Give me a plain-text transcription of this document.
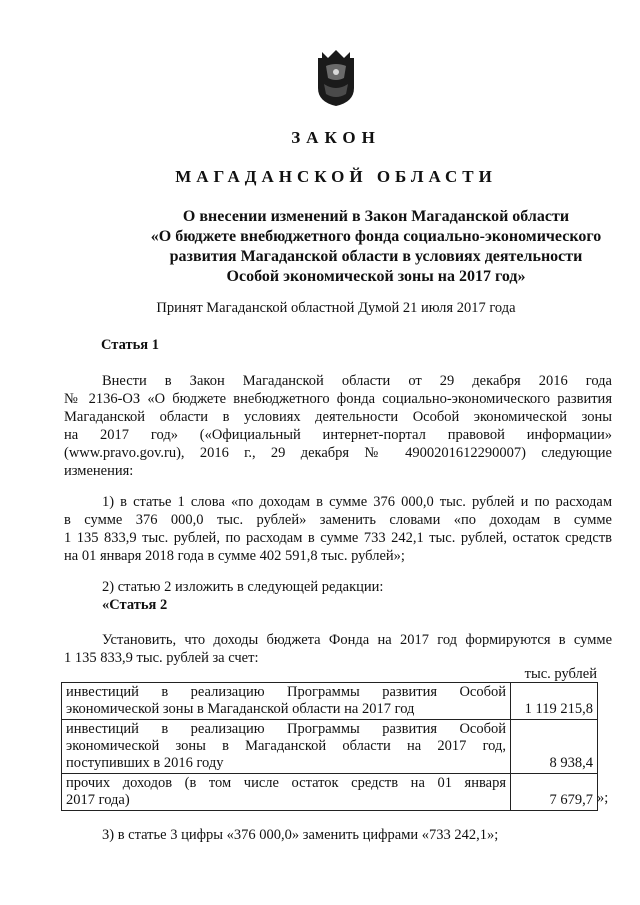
ЗАКОН
МАГАДАНСКОЙ ОБЛАСТИ
О внесении изменений в Закон Магаданской области
«О бюджете внебюджетного фонда социально-экономического
развития Магаданской области в условиях деятельности
Особой экономической зоны на 2017 год»
Принят Магаданской областной Думой 21 июля 2017 года
Статья 1
Внести в Закон Магаданской области от 29 декабря 2016 года
№ 2136-ОЗ «О бюджете внебюджетного фонда социально-экономического развития
Магаданской области в условиях деятельности Особой экономической зоны
на 2017 год» («Официальный интернет-портал правовой информации»
(www.pravo.gov.ru), 2016 г., 29 декабря № 4900201612290007) следующие
изменения:
1) в статье 1 слова «по доходам в сумме 376 000,0 тыс. рублей и по расходам
в сумме 376 000,0 тыс. рублей» заменить словами «по доходам в сумме
1 135 833,9 тыс. рублей, по расходам в сумме 733 242,1 тыс. рублей, остаток средств
на 01 января 2018 года в сумме 402 591,8 тыс. рублей»;
2) статью 2 изложить в следующей редакции:
«Статья 2
Установить, что доходы бюджета Фонда на 2017 год формируются в сумме
1 135 833,9 тыс. рублей за счет:
тыс. рублей
инвестиций в реализацию Программы развития Особой
экономической зоны в Магаданской области на 2017 год	1 119 215,8

инвестиций в реализацию Программы развития Особой
экономической зоны в Магаданской области на 2017 год,
поступивших в 2016 году	8 938,4

прочих доходов (в том числе остаток средств на 01 января
2017 года)	7 679,7 »;
3) в статье 3 цифры «376 000,0» заменить цифрами «733 242,1»;
